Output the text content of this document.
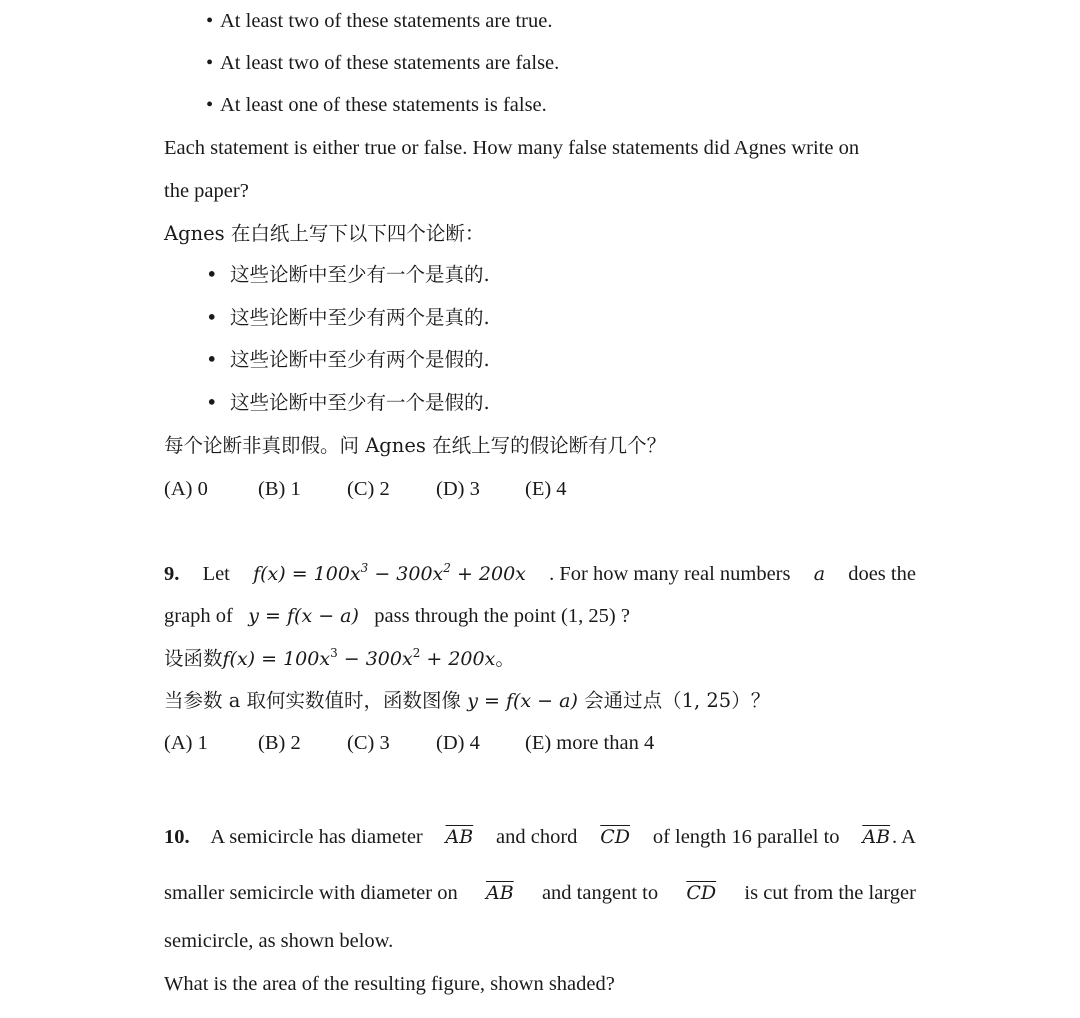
• At least two of these statements are true.
• At least two of these statements are false.
• At least one of these statements is false.
Each statement is either true or false. How many false statements did Agnes write on
the paper?
Agnes 在白纸上写下以下四个论断：
• 这些论断中至少有一个是真的.
• 这些论断中至少有两个是真的.
• 这些论断中至少有两个是假的.
• 这些论断中至少有一个是假的.
每个论断非真即假。问 Agnes 在纸上写的假论断有几个？
(A) 0 (B) 1 (C) 2 (D) 3 (E) 4
9. Let $f(x) = 100x^3 - 300x^2 + 200x$ . For how many real numbers a does the
graph of y = f(x − a) pass through the point (1, 25) ?
设函数$f(x) = 100x^3 - 300x^2 + 200x$。
当参数 a 取何实数值时，函数图像 y = f(x − a) 会通过点（1, 25）？
(A) 1 (B) 2 (C) 3 (D) 4 (E) more than 4
10. A semicircle has diameter $\overline{AB}$ and chord $\overline{CD}$ of length 16 parallel to $\overline{AB}$. A
smaller semicircle with diameter on $\overline{AB}$ and tangent to $\overline{CD}$ is cut from the larger
semicircle, as shown below.
What is the area of the resulting figure, shown shaded?
